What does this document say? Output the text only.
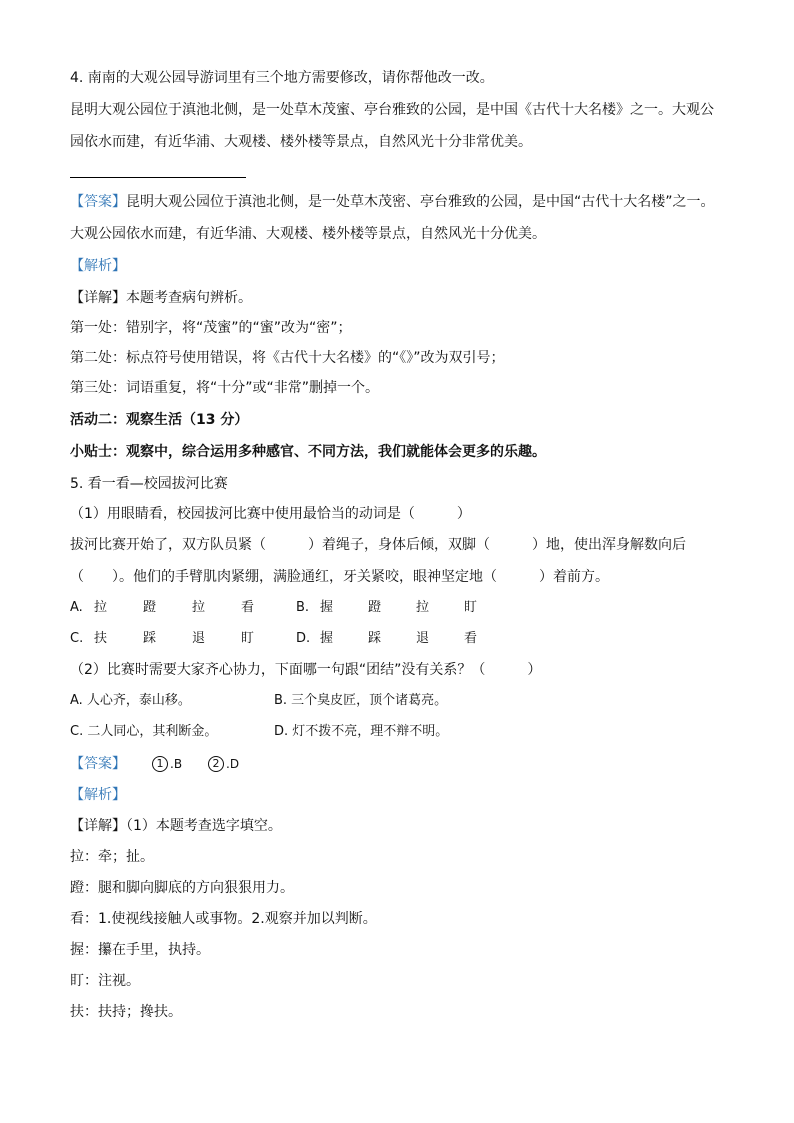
4. 南南的大观公园导游词里有三个地方需要修改，请你帮他改一改。
昆明大观公园位于滇池北侧，是一处草木茂蜜、亭台雅致的公园，是中国《古代十大名楼》之一。大观公
园依水而建，有近华浦、大观楼、楼外楼等景点，自然风光十分非常优美。
【答案】昆明大观公园位于滇池北侧，是一处草木茂密、亭台雅致的公园，是中国“古代十大名楼”之一。
大观公园依水而建，有近华浦、大观楼、楼外楼等景点，自然风光十分优美。
【解析】
【详解】本题考查病句辨析。
第一处：错别字，将“茂蜜”的“蜜”改为“密”；
第二处：标点符号使用错误，将《古代十大名楼》的“《》”改为双引号；
第三处：词语重复，将“十分”或“非常”删掉一个。
活动二：观察生活（13 分）
小贴士：观察中，综合运用多种感官、不同方法，我们就能体会更多的乐趣。
5. 看一看—校园拔河比赛
（1）用眼睛看，校园拔河比赛中使用最恰当的动词是（　　　）
拔河比赛开始了，双方队员紧（　　　）着绳子，身体后倾，双脚（　　　）地，使出浑身解数向后
（　　）。他们的手臂肌肉紧绷，满脸通红，牙关紧咬，眼神坚定地（　　　）着前方。
A. 拉	蹬	拉	看	B. 握	蹬	拉	盯
C. 扶	踩	退	盯	D. 握	踩	退	看
（2）比赛时需要大家齐心协力，下面哪一句跟“团结”没有关系？（　　　）
A. 人心齐，泰山移。	B. 三个臭皮匠，顶个诸葛亮。
C. 二人同心，其利断金。	D. 灯不拨不亮，理不辩不明。
【答案】	1 .B	2 .D
【解析】
【详解】（1）本题考查选字填空。
拉：牵；扯。
蹬：腿和脚向脚底的方向狠狠用力。
看：1.使视线接触人或事物。2.观察并加以判断。
握：攥在手里，执持。
盯：注视。
扶：扶持；搀扶。
